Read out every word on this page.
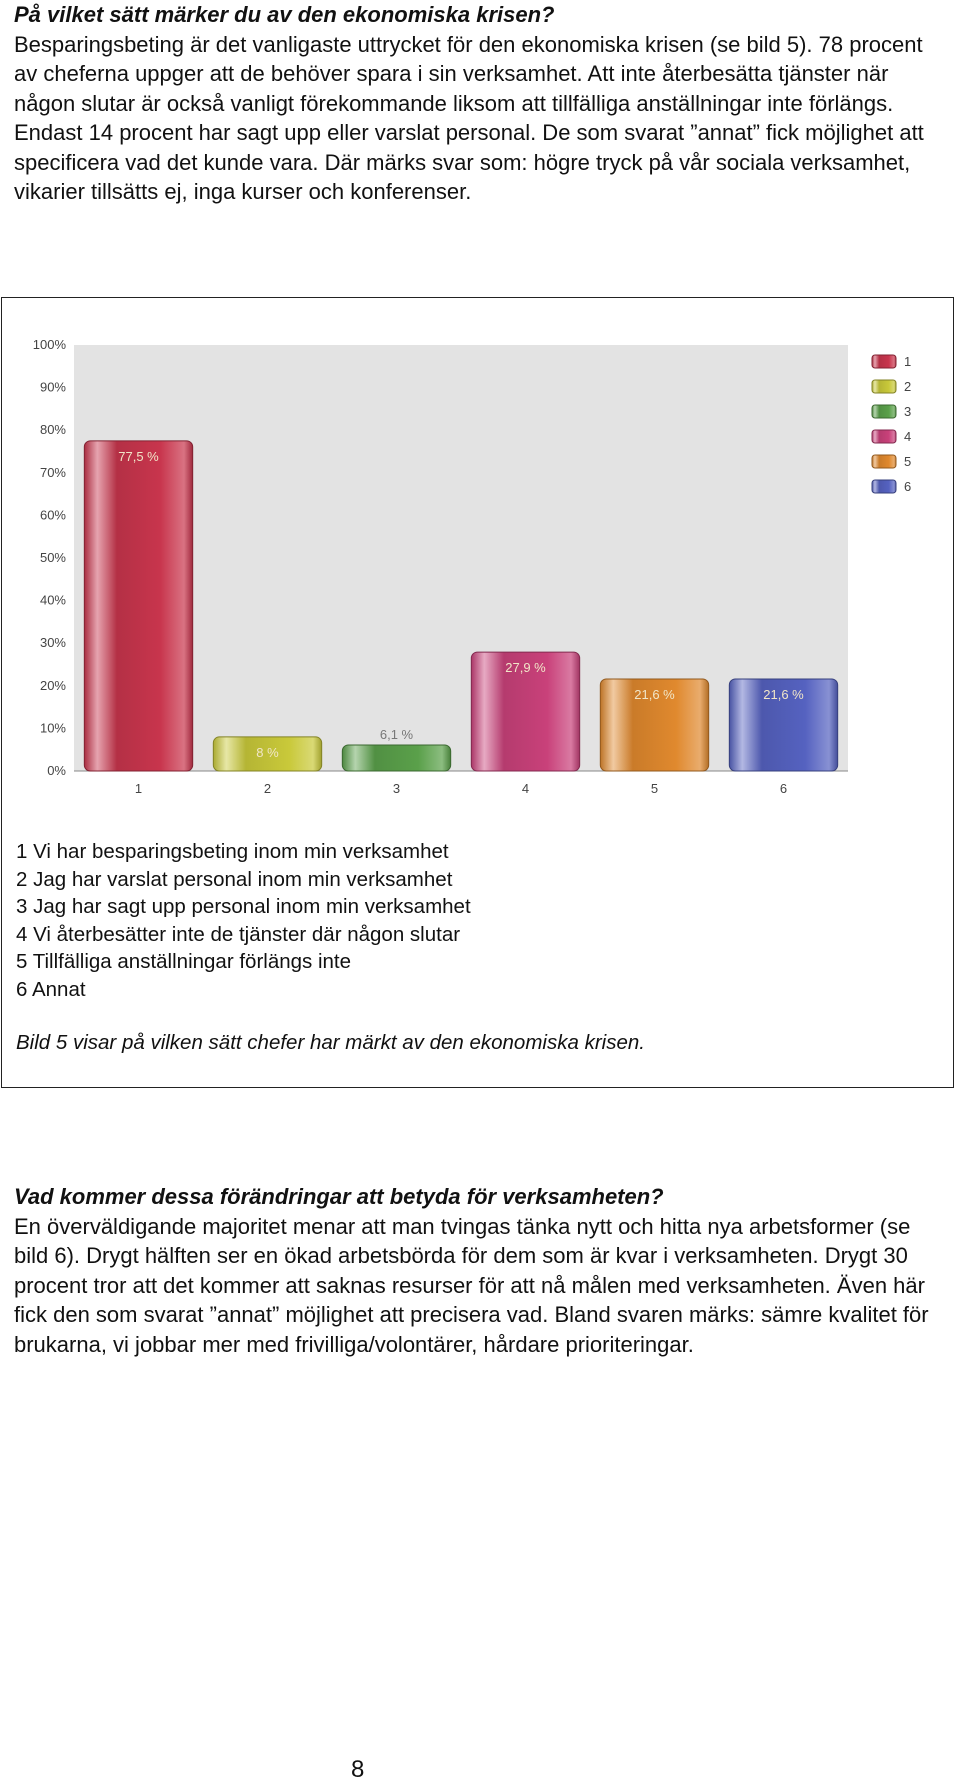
På vilket sätt märker du av den ekonomiska krisen?
Besparingsbeting är det vanligaste uttrycket för den ekonomiska krisen (se bild 5). 78 procent av cheferna uppger att de behöver spara i sin verksamhet. Att inte återbesätta tjänster när någon slutar är också vanligt förekommande liksom att tillfälliga anställningar inte förlängs. Endast 14 procent har sagt upp eller varslat personal. De som svarat ”annat” fick möjlighet att specificera vad det kunde vara. Där märks svar som: högre tryck på vår sociala verksamhet, vikarier tillsätts ej, inga kurser och konferenser.
0%
10%
20%
30%
40%
50%
60%
70%
80%
90%
100%
77,5 %
8 %
6,1 %
27,9 %
21,6 %	21,6 %
1	2	3	4	5	6
1
2
3
4
5
6
1 Vi har besparingsbeting inom min verksamhet
2 Jag har varslat personal inom min verksamhet
3 Jag har sagt upp personal inom min verksamhet
4 Vi återbesätter inte de tjänster där någon slutar
5 Tillfälliga anställningar förlängs inte
6 Annat
Bild 5 visar på vilken sätt chefer har märkt av den ekonomiska krisen.
Vad kommer dessa förändringar att betyda för verksamheten?
En överväldigande majoritet menar att man tvingas tänka nytt och hitta nya arbetsformer (se bild 6). Drygt hälften ser en ökad arbetsbörda för dem som är kvar i verksamheten. Drygt 30 procent tror att det kommer att saknas resurser för att nå målen med verksamheten. Även här fick den som svarat ”annat” möjlighet att precisera vad. Bland svaren märks: sämre kvalitet för brukarna, vi jobbar mer med frivilliga/volontärer, hårdare prioriteringar.
8
